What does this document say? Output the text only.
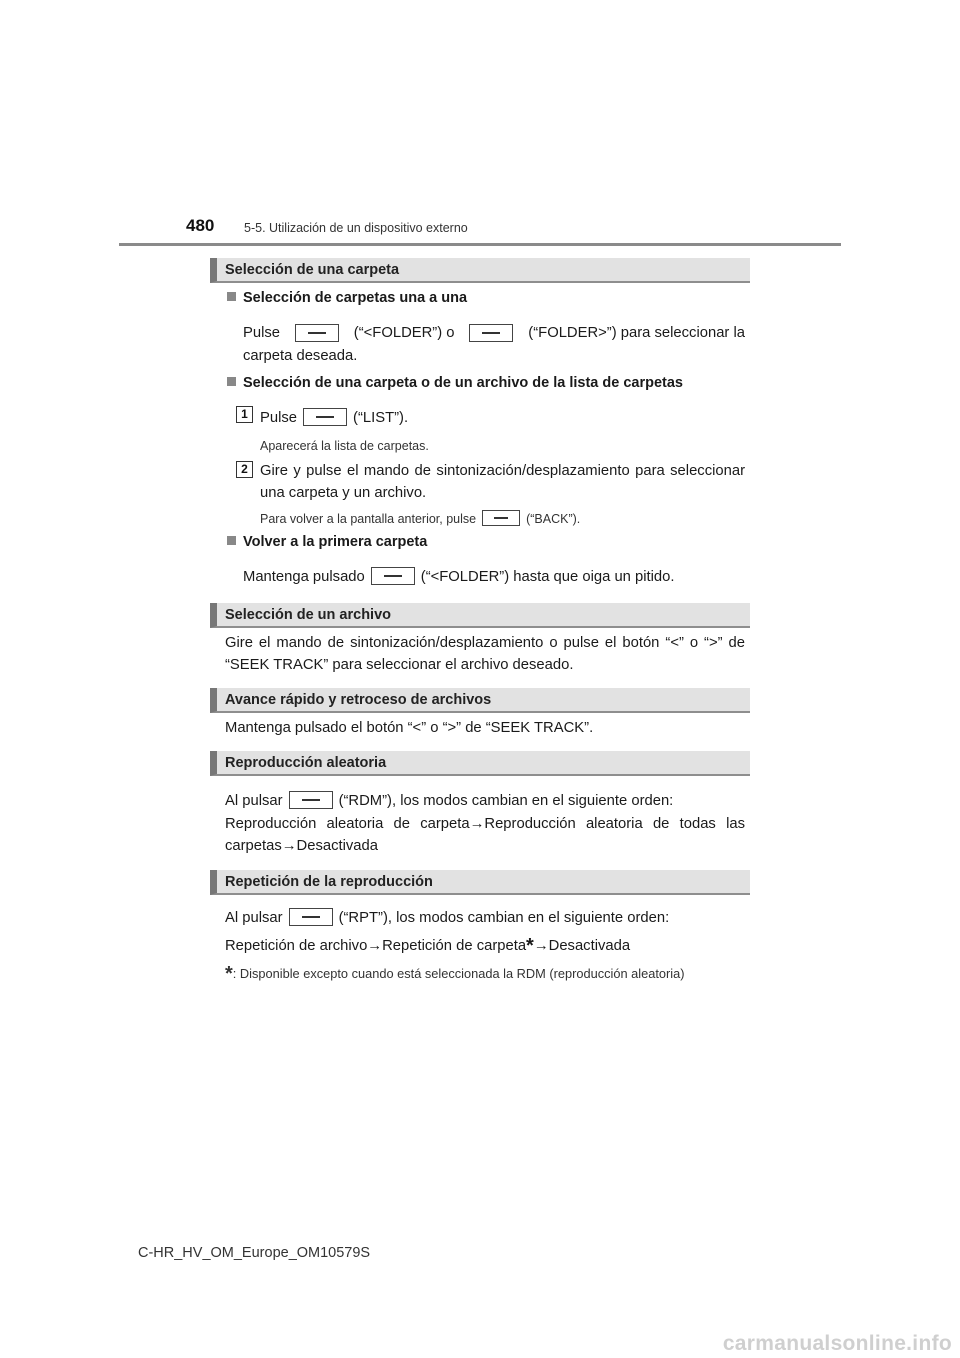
480 5-5. Utilización de un dispositivo externo
Selección de una carpeta
Selección de carpetas una a una
Pulse	(“<FOLDER”) o	(“FOLDER>”) para seleccionar la
carpeta deseada.
Selección de una carpeta o de un archivo de la lista de carpetas
1 Pulse	(“LIST”).
Aparecerá la lista de carpetas.
2 Gire y pulse el mando de sintonización/desplazamiento para seleccionar una carpeta y un archivo.
Para volver a la pantalla anterior, pulse	(“BACK”).
Volver a la primera carpeta
Mantenga pulsado	(“<FOLDER”) hasta que oiga un pitido.
Selección de un archivo
Gire el mando de sintonización/desplazamiento o pulse el botón “<” o “>” de “SEEK TRACK” para seleccionar el archivo deseado.
Avance rápido y retroceso de archivos
Mantenga pulsado el botón “<” o “>” de “SEEK TRACK”.
Reproducción aleatoria
Al pulsar	(“RDM”), los modos cambian en el siguiente orden:
Reproducción aleatoria de carpeta→Reproducción aleatoria de todas las carpetas→Desactivada
Repetición de la reproducción
Al pulsar	(“RPT”), los modos cambian en el siguiente orden:
Repetición de archivo→Repetición de carpeta*→Desactivada
*: Disponible excepto cuando está seleccionada la RDM (reproducción aleatoria)
C-HR_HV_OM_Europe_OM10579S
carmanualsonline.info
